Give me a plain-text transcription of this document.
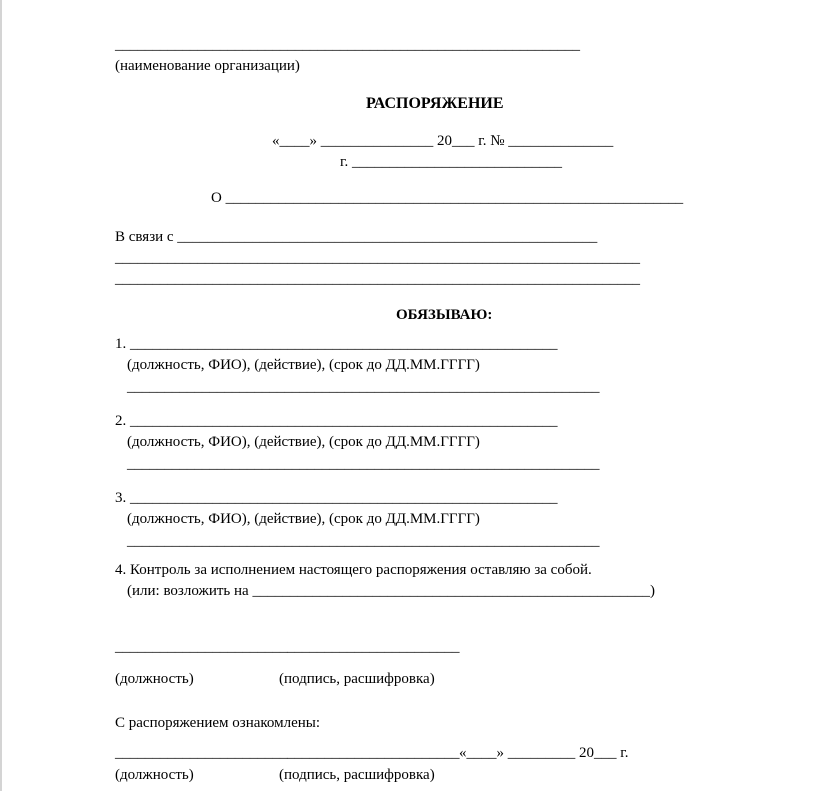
______________________________________________________________
(наименование организации)
РАСПОРЯЖЕНИЕ
«____» _______________ 20___ г. № ______________
г. ____________________________
О _____________________________________________________________
В связи с ________________________________________________________
______________________________________________________________________
______________________________________________________________________
ОБЯЗЫВАЮ:
1. _________________________________________________________
(должность, ФИО), (действие), (срок до ДД.ММ.ГГГГ)
_______________________________________________________________
2. _________________________________________________________
(должность, ФИО), (действие), (срок до ДД.ММ.ГГГГ)
_______________________________________________________________
3. _________________________________________________________
(должность, ФИО), (действие), (срок до ДД.ММ.ГГГГ)
_______________________________________________________________
4. Контроль за исполнением настоящего распоряжения оставляю за собой.
(или: возложить на _____________________________________________________)
_______________________ _______________________
(должность)	(подпись, расшифровка)
С распоряжением ознакомлены:
_______________________ _______________________ «____» _________ 20___ г.
(должность)	(подпись, расшифровка)
